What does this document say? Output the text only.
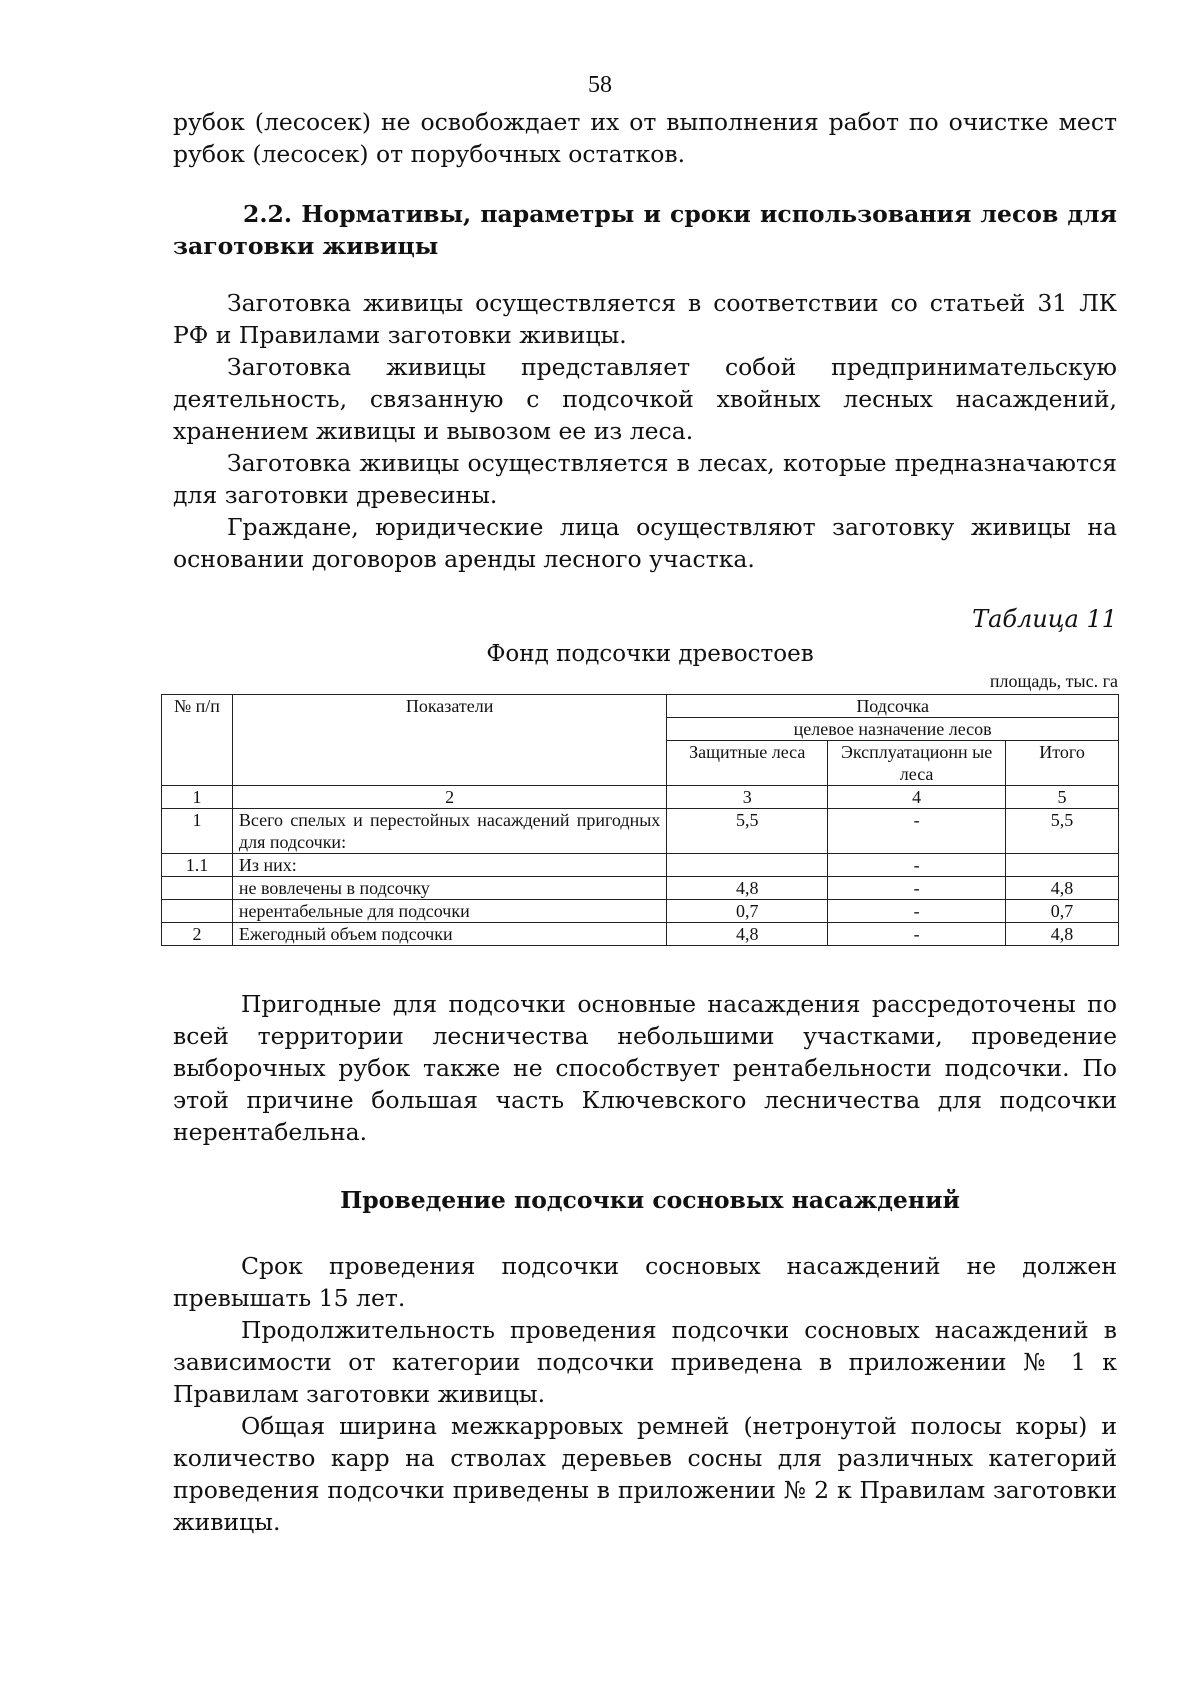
58

рубок (лесосек) не освобождает их от выполнения работ по очистке мест рубок (лесосек) от порубочных остатков.

2.2. Нормативы, параметры и сроки использования лесов для заготовки живицы

Заготовка живицы осуществляется в соответствии со статьей 31 ЛК РФ и Правилами заготовки живицы.

Заготовка живицы представляет собой предпринимательскую деятельность, связанную с подсочкой хвойных лесных насаждений, хранением живицы и вывозом ее из леса.

Заготовка живицы осуществляется в лесах, которые предназначаются для заготовки древесины.

Граждане, юридические лица осуществляют заготовку живицы на основании договоров аренды лесного участка.

Таблица 11
Фонд подсочки древостоев
площадь, тыс. га
№ п/п	Показатели	Подсочка		
		целевое назначение лесов		
		Защитные леса	Эксплуатационн ые леса	Итого
1	2	3	4	5
1	Всего спелых и перестойных насаждений пригодных для подсочки:	5,5	-	5,5
1.1	Из них:		-	
	не вовлечены в подсочку	4,8	-	4,8
	нерентабельные для подсочки	0,7	-	0,7
2	Ежегодный объем подсочки	4,8	-	4,8

Пригодные для подсочки основные насаждения рассредоточены по всей территории лесничества небольшими участками, проведение выборочных рубок также не способствует рентабельности подсочки. По этой причине большая часть Ключевского лесничества для подсочки нерентабельна.

Проведение подсочки сосновых насаждений

Срок проведения подсочки сосновых насаждений не должен превышать 15 лет.

Продолжительность проведения подсочки сосновых насаждений в зависимости от категории подсочки приведена в приложении № 1 к Правилам заготовки живицы.

Общая ширина межкарровых ремней (нетронутой полосы коры) и количество карр на стволах деревьев сосны для различных категорий проведения подсочки приведены в приложении № 2 к Правилам заготовки живицы.
